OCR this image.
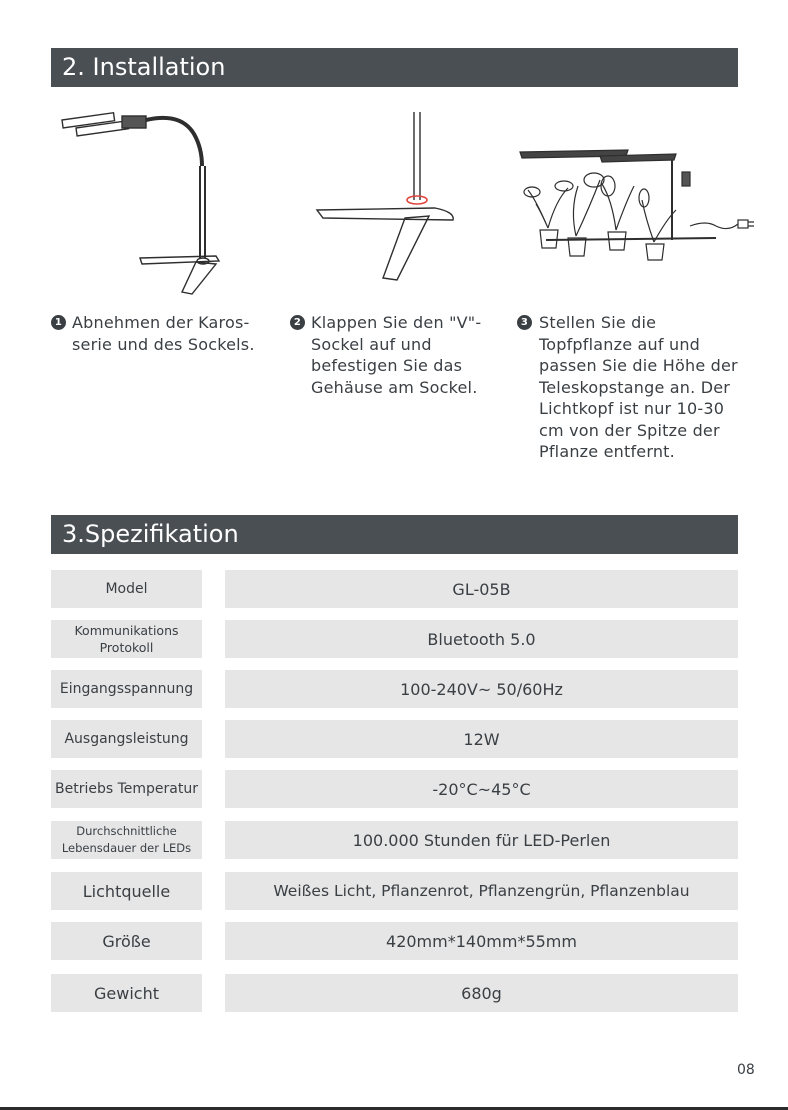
2. Installation
1 Abnehmen der Karos- serie und des Sockels.
2 Klappen Sie den "V"-Sockel auf und befestigen Sie das Gehäuse am Sockel.
3 Stellen Sie die Topfpflanze auf und passen Sie die Höhe der Teleskopstange an. Der Lichtkopf ist nur 10-30 cm von der Spitze der Pflanze entfernt.
3.Spezifikation
Model	GL-05B
Kommunikations Protokoll	Bluetooth 5.0
Eingangsspannung	100-240V~ 50/60Hz
Ausgangsleistung	12W
Betriebs Temperatur	-20°C~45°C
Durchschnittliche Lebensdauer der LEDs	100.000 Stunden für LED-Perlen
Lichtquelle	Weißes Licht, Pflanzenrot, Pflanzengrün, Pflanzenblau
Größe	420mm*140mm*55mm
Gewicht	680g
08
